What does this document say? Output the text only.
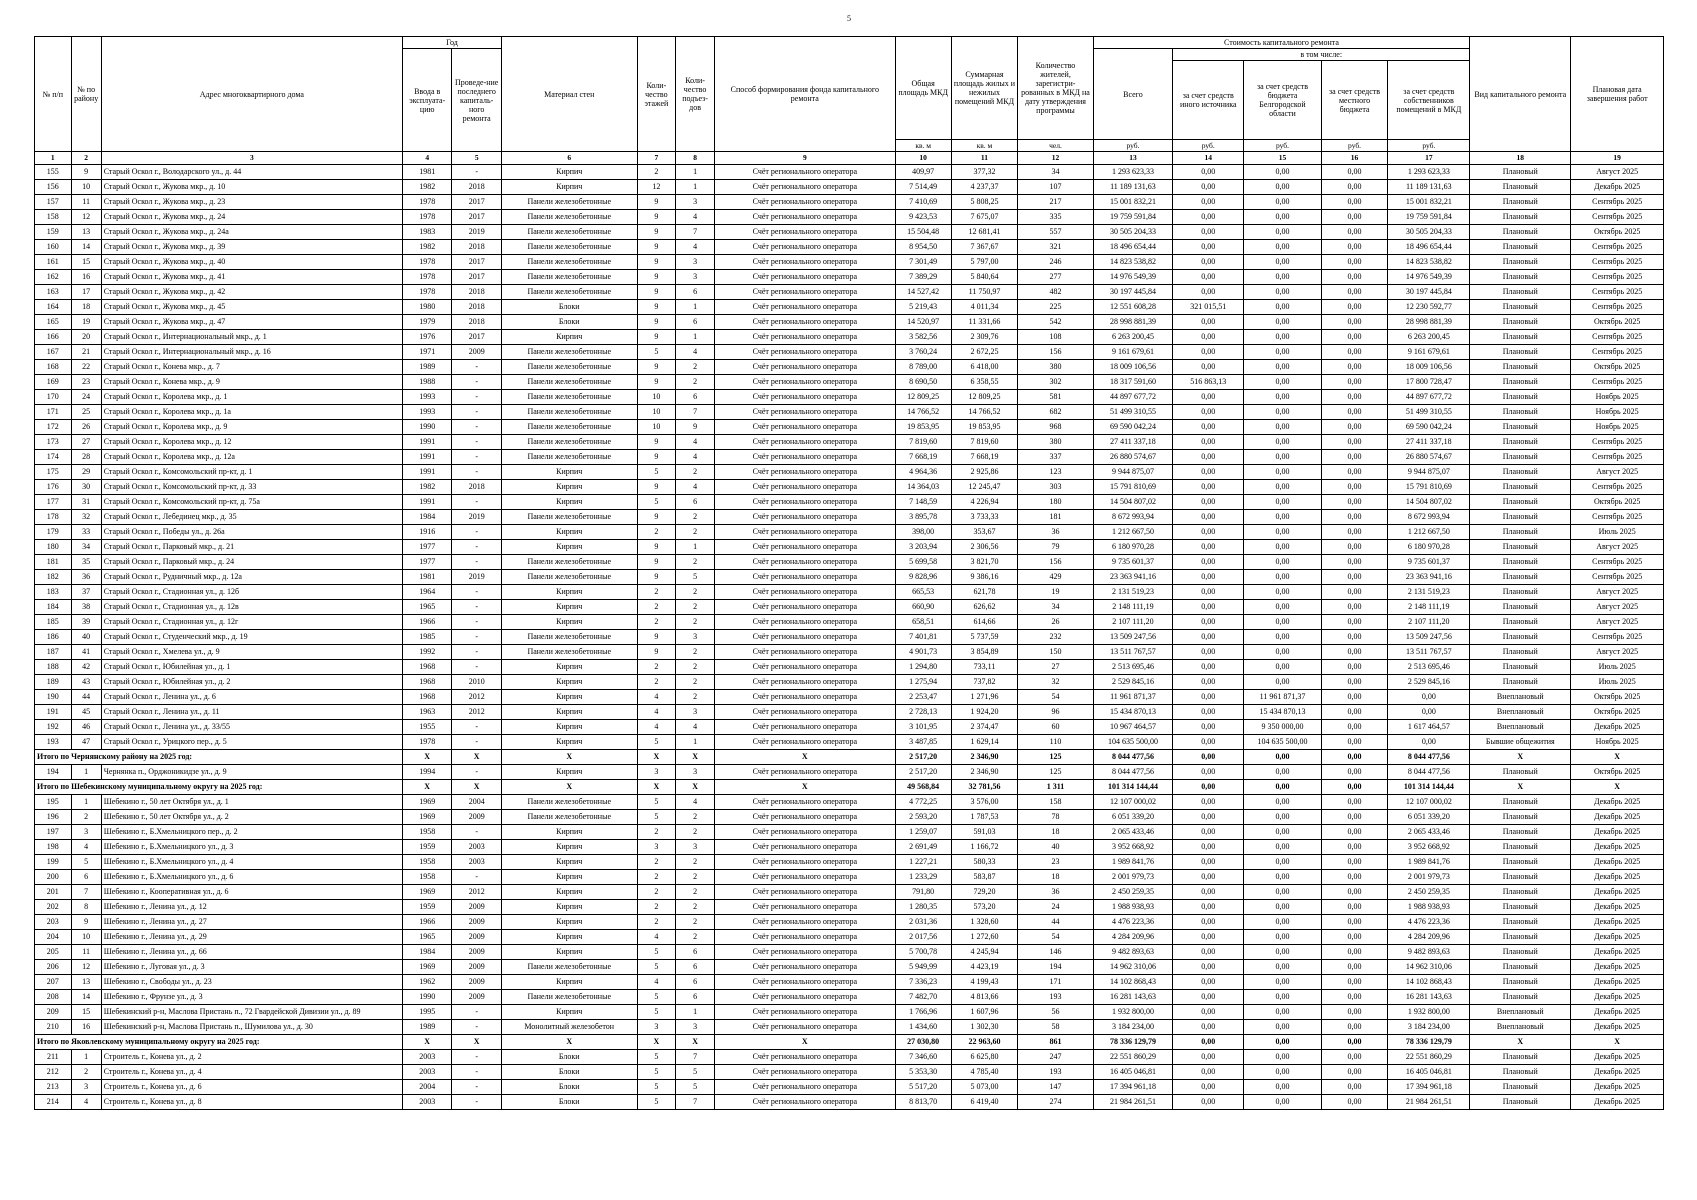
5
№ п/п	№ по району	Адрес многоквартирного дома	Год		Материал стен	Коли-чество этажей	Коли-чество подъез-дов	Способ формирования фонда капитального ремонта	Общая площадь МКД	Суммарная площадь жилых и нежилых помещений МКД	Количество жителей, зарегистри-рованных в МКД на дату утверждения программы	Стоимость капитального ремонта					Вид капитального ремонта	Плановая дата завершения работ
			Ввода в эксплуата-цию	Проведе-ние последнего капиталь-ного ремонта								Всего	в том числе:					
													за счет средств иного источника	за счет средств бюджета Белгородской области	за счет средств местного бюджета	за счет средств собственников помещений в МКД		
									кв. м	кв. м	чел.	руб.	руб.	руб.	руб.	руб.		
1	2	3	4	5	6	7	8	9	10	11	12	13	14	15	16	17	18	19
155	9	Старый Оскол г., Володарского ул., д. 44	1981	-	Кирпич	2	1	Счёт регионального оператора	409,97	377,32	34	1 293 623,33	0,00	0,00	0,00	1 293 623,33	Плановый	Август 2025
156	10	Старый Оскол г., Жукова мкр., д. 10	1982	2018	Кирпич	12	1	Счёт регионального оператора	7 514,49	4 237,37	107	11 189 131,63	0,00	0,00	0,00	11 189 131,63	Плановый	Декабрь 2025
157	11	Старый Оскол г., Жукова мкр., д. 23	1978	2017	Панели железобетонные	9	3	Счёт регионального оператора	7 410,69	5 808,25	217	15 001 832,21	0,00	0,00	0,00	15 001 832,21	Плановый	Сентябрь 2025
158	12	Старый Оскол г., Жукова мкр., д. 24	1978	2017	Панели железобетонные	9	4	Счёт регионального оператора	9 423,53	7 675,07	335	19 759 591,84	0,00	0,00	0,00	19 759 591,84	Плановый	Сентябрь 2025
159	13	Старый Оскол г., Жукова мкр., д. 24а	1983	2019	Панели железобетонные	9	7	Счёт регионального оператора	15 504,48	12 681,41	557	30 505 204,33	0,00	0,00	0,00	30 505 204,33	Плановый	Октябрь 2025
160	14	Старый Оскол г., Жукова мкр., д. 39	1982	2018	Панели железобетонные	9	4	Счёт регионального оператора	8 954,50	7 367,67	321	18 496 654,44	0,00	0,00	0,00	18 496 654,44	Плановый	Сентябрь 2025
161	15	Старый Оскол г., Жукова мкр., д. 40	1978	2017	Панели железобетонные	9	3	Счёт регионального оператора	7 301,49	5 797,00	246	14 823 538,82	0,00	0,00	0,00	14 823 538,82	Плановый	Сентябрь 2025
162	16	Старый Оскол г., Жукова мкр., д. 41	1978	2017	Панели железобетонные	9	3	Счёт регионального оператора	7 389,29	5 840,64	277	14 976 549,39	0,00	0,00	0,00	14 976 549,39	Плановый	Сентябрь 2025
163	17	Старый Оскол г., Жукова мкр., д. 42	1978	2018	Панели железобетонные	9	6	Счёт регионального оператора	14 527,42	11 750,97	482	30 197 445,84	0,00	0,00	0,00	30 197 445,84	Плановый	Сентябрь 2025
164	18	Старый Оскол г., Жукова мкр., д. 45	1980	2018	Блоки	9	1	Счёт регионального оператора	5 219,43	4 011,34	225	12 551 608,28	321 015,51	0,00	0,00	12 230 592,77	Плановый	Сентябрь 2025
165	19	Старый Оскол г., Жукова мкр., д. 47	1979	2018	Блоки	9	6	Счёт регионального оператора	14 520,97	11 331,66	542	28 998 881,39	0,00	0,00	0,00	28 998 881,39	Плановый	Октябрь 2025
166	20	Старый Оскол г., Интернациональный мкр., д. 1	1976	2017	Кирпич	9	1	Счёт регионального оператора	3 582,56	2 309,76	108	6 263 200,45	0,00	0,00	0,00	6 263 200,45	Плановый	Сентябрь 2025
167	21	Старый Оскол г., Интернациональный мкр., д. 16	1971	2009	Панели железобетонные	5	4	Счёт регионального оператора	3 760,24	2 672,25	156	9 161 679,61	0,00	0,00	0,00	9 161 679,61	Плановый	Сентябрь 2025
168	22	Старый Оскол г., Конева мкр., д. 7	1989	-	Панели железобетонные	9	2	Счёт регионального оператора	8 789,00	6 418,00	380	18 009 106,56	0,00	0,00	0,00	18 009 106,56	Плановый	Октябрь 2025
169	23	Старый Оскол г., Конева мкр., д. 9	1988	-	Панели железобетонные	9	2	Счёт регионального оператора	8 690,50	6 358,55	302	18 317 591,60	516 863,13	0,00	0,00	17 800 728,47	Плановый	Сентябрь 2025
170	24	Старый Оскол г., Королева мкр., д. 1	1993	-	Панели железобетонные	10	6	Счёт регионального оператора	12 809,25	12 809,25	581	44 897 677,72	0,00	0,00	0,00	44 897 677,72	Плановый	Ноябрь 2025
171	25	Старый Оскол г., Королева мкр., д. 1а	1993	-	Панели железобетонные	10	7	Счёт регионального оператора	14 766,52	14 766,52	682	51 499 310,55	0,00	0,00	0,00	51 499 310,55	Плановый	Ноябрь 2025
172	26	Старый Оскол г., Королева мкр., д. 9	1990	-	Панели железобетонные	10	9	Счёт регионального оператора	19 853,95	19 853,95	968	69 590 042,24	0,00	0,00	0,00	69 590 042,24	Плановый	Ноябрь 2025
173	27	Старый Оскол г., Королева мкр., д. 12	1991	-	Панели железобетонные	9	4	Счёт регионального оператора	7 819,60	7 819,60	380	27 411 337,18	0,00	0,00	0,00	27 411 337,18	Плановый	Сентябрь 2025
174	28	Старый Оскол г., Королева мкр., д. 12а	1991	-	Панели железобетонные	9	4	Счёт регионального оператора	7 668,19	7 668,19	337	26 880 574,67	0,00	0,00	0,00	26 880 574,67	Плановый	Сентябрь 2025
175	29	Старый Оскол г., Комсомольский пр-кт, д. 1	1991	-	Кирпич	5	2	Счёт регионального оператора	4 964,36	2 925,86	123	9 944 875,07	0,00	0,00	0,00	9 944 875,07	Плановый	Август 2025
176	30	Старый Оскол г., Комсомольский пр-кт, д. 33	1982	2018	Кирпич	9	4	Счёт регионального оператора	14 364,03	12 245,47	303	15 791 810,69	0,00	0,00	0,00	15 791 810,69	Плановый	Сентябрь 2025
177	31	Старый Оскол г., Комсомольский пр-кт, д. 75а	1991	-	Кирпич	5	6	Счёт регионального оператора	7 148,59	4 226,94	180	14 504 807,02	0,00	0,00	0,00	14 504 807,02	Плановый	Октябрь 2025
178	32	Старый Оскол г., Лебединец мкр., д. 35	1984	2019	Панели железобетонные	9	2	Счёт регионального оператора	3 895,78	3 733,33	181	8 672 993,94	0,00	0,00	0,00	8 672 993,94	Плановый	Сентябрь 2025
179	33	Старый Оскол г., Победы ул., д. 26а	1916	-	Кирпич	2	2	Счёт регионального оператора	398,00	353,67	36	1 212 667,50	0,00	0,00	0,00	1 212 667,50	Плановый	Июль 2025
180	34	Старый Оскол г., Парковый мкр., д. 21	1977	-	Кирпич	9	1	Счёт регионального оператора	3 203,94	2 306,56	79	6 180 970,28	0,00	0,00	0,00	6 180 970,28	Плановый	Август 2025
181	35	Старый Оскол г., Парковый мкр., д. 24	1977	-	Панели железобетонные	9	2	Счёт регионального оператора	5 699,58	3 821,70	156	9 735 601,37	0,00	0,00	0,00	9 735 601,37	Плановый	Сентябрь 2025
182	36	Старый Оскол г., Рудничный мкр., д. 12а	1981	2019	Панели железобетонные	9	5	Счёт регионального оператора	9 828,96	9 386,16	429	23 363 941,16	0,00	0,00	0,00	23 363 941,16	Плановый	Сентябрь 2025
183	37	Старый Оскол г., Стадионная ул., д. 12б	1964	-	Кирпич	2	2	Счёт регионального оператора	665,53	621,78	19	2 131 519,23	0,00	0,00	0,00	2 131 519,23	Плановый	Август 2025
184	38	Старый Оскол г., Стадионная ул., д. 12в	1965	-	Кирпич	2	2	Счёт регионального оператора	660,90	626,62	34	2 148 111,19	0,00	0,00	0,00	2 148 111,19	Плановый	Август 2025
185	39	Старый Оскол г., Стадионная ул., д. 12г	1966	-	Кирпич	2	2	Счёт регионального оператора	658,51	614,66	26	2 107 111,20	0,00	0,00	0,00	2 107 111,20	Плановый	Август 2025
186	40	Старый Оскол г., Студенческий мкр., д. 19	1985	-	Панели железобетонные	9	3	Счёт регионального оператора	7 401,81	5 737,59	232	13 509 247,56	0,00	0,00	0,00	13 509 247,56	Плановый	Сентябрь 2025
187	41	Старый Оскол г., Хмелева ул., д. 9	1992	-	Панели железобетонные	9	2	Счёт регионального оператора	4 901,73	3 854,89	150	13 511 767,57	0,00	0,00	0,00	13 511 767,57	Плановый	Август 2025
188	42	Старый Оскол г., Юбилейная ул., д. 1	1968	-	Кирпич	2	2	Счёт регионального оператора	1 294,80	733,11	27	2 513 695,46	0,00	0,00	0,00	2 513 695,46	Плановый	Июль 2025
189	43	Старый Оскол г., Юбилейная ул., д. 2	1968	2010	Кирпич	2	2	Счёт регионального оператора	1 275,94	737,82	32	2 529 845,16	0,00	0,00	0,00	2 529 845,16	Плановый	Июль 2025
190	44	Старый Оскол г., Ленина ул., д. 6	1968	2012	Кирпич	4	2	Счёт регионального оператора	2 253,47	1 271,96	54	11 961 871,37	0,00	11 961 871,37	0,00	0,00	Внеплановый	Октябрь 2025
191	45	Старый Оскол г., Ленина ул., д. 11	1963	2012	Кирпич	4	3	Счёт регионального оператора	2 728,13	1 924,20	96	15 434 870,13	0,00	15 434 870,13	0,00	0,00	Внеплановый	Октябрь 2025
192	46	Старый Оскол г., Ленина ул., д. 33/55	1955	-	Кирпич	4	4	Счёт регионального оператора	3 101,95	2 374,47	60	10 967 464,57	0,00	9 350 000,00	0,00	1 617 464,57	Внеплановый	Декабрь 2025
193	47	Старый Оскол г., Урицкого пер., д. 5	1978	-	Кирпич	5	1	Счёт регионального оператора	3 487,85	1 629,14	110	104 635 500,00	0,00	104 635 500,00	0,00	0,00	Бывшие общежития	Ноябрь 2025
Итого по Чернянскому району на 2025 год:			X	X	X	X	X	X	2 517,20	2 346,90	125	8 044 477,56	0,00	0,00	0,00	8 044 477,56	X	X
194	1	Чернянка п., Орджоникидзе ул., д. 9	1994	-	Кирпич	3	3	Счёт регионального оператора	2 517,20	2 346,90	125	8 044 477,56	0,00	0,00	0,00	8 044 477,56	Плановый	Октябрь 2025
Итого по Шебекинскому муниципальному округу на 2025 год:			X	X	X	X	X	X	49 568,84	32 781,56	1 311	101 314 144,44	0,00	0,00	0,00	101 314 144,44	X	X
195	1	Шебекино г., 50 лет Октября ул., д. 1	1969	2004	Панели железобетонные	5	4	Счёт регионального оператора	4 772,25	3 576,00	158	12 107 000,02	0,00	0,00	0,00	12 107 000,02	Плановый	Декабрь 2025
196	2	Шебекино г., 50 лет Октября ул., д. 2	1969	2009	Панели железобетонные	5	2	Счёт регионального оператора	2 593,20	1 787,53	78	6 051 339,20	0,00	0,00	0,00	6 051 339,20	Плановый	Декабрь 2025
197	3	Шебекино г., Б.Хмельницкого пер., д. 2	1958	-	Кирпич	2	2	Счёт регионального оператора	1 259,07	591,03	18	2 065 433,46	0,00	0,00	0,00	2 065 433,46	Плановый	Декабрь 2025
198	4	Шебекино г., Б.Хмельницкого ул., д. 3	1959	2003	Кирпич	3	3	Счёт регионального оператора	2 691,49	1 166,72	40	3 952 668,92	0,00	0,00	0,00	3 952 668,92	Плановый	Декабрь 2025
199	5	Шебекино г., Б.Хмельницкого ул., д. 4	1958	2003	Кирпич	2	2	Счёт регионального оператора	1 227,21	580,33	23	1 989 841,76	0,00	0,00	0,00	1 989 841,76	Плановый	Декабрь 2025
200	6	Шебекино г., Б.Хмельницкого ул., д. 6	1958	-	Кирпич	2	2	Счёт регионального оператора	1 233,29	583,87	18	2 001 979,73	0,00	0,00	0,00	2 001 979,73	Плановый	Декабрь 2025
201	7	Шебекино г., Кооперативная ул., д. 6	1969	2012	Кирпич	2	2	Счёт регионального оператора	791,80	729,20	36	2 450 259,35	0,00	0,00	0,00	2 450 259,35	Плановый	Декабрь 2025
202	8	Шебекино г., Ленина ул., д. 12	1959	2009	Кирпич	2	2	Счёт регионального оператора	1 280,35	573,20	24	1 988 938,93	0,00	0,00	0,00	1 988 938,93	Плановый	Декабрь 2025
203	9	Шебекино г., Ленина ул., д. 27	1966	2009	Кирпич	2	2	Счёт регионального оператора	2 031,36	1 328,60	44	4 476 223,36	0,00	0,00	0,00	4 476 223,36	Плановый	Декабрь 2025
204	10	Шебекино г., Ленина ул., д. 29	1965	2009	Кирпич	4	2	Счёт регионального оператора	2 017,56	1 272,60	54	4 284 209,96	0,00	0,00	0,00	4 284 209,96	Плановый	Декабрь 2025
205	11	Шебекино г., Ленина ул., д. 66	1984	2009	Кирпич	5	6	Счёт регионального оператора	5 700,78	4 245,94	146	9 482 893,63	0,00	0,00	0,00	9 482 893,63	Плановый	Декабрь 2025
206	12	Шебекино г., Луговая ул., д. 3	1969	2009	Панели железобетонные	5	6	Счёт регионального оператора	5 949,99	4 423,19	194	14 962 310,06	0,00	0,00	0,00	14 962 310,06	Плановый	Декабрь 2025
207	13	Шебекино г., Свободы ул., д. 23	1962	2009	Кирпич	4	6	Счёт регионального оператора	7 336,23	4 199,43	171	14 102 868,43	0,00	0,00	0,00	14 102 868,43	Плановый	Декабрь 2025
208	14	Шебекино г., Фрунзе ул., д. 3	1990	2009	Панели железобетонные	5	6	Счёт регионального оператора	7 482,70	4 813,66	193	16 281 143,63	0,00	0,00	0,00	16 281 143,63	Плановый	Декабрь 2025
209	15	Шебекинский р-н, Маслова Пристань п., 72 Гвардейской Дивизии ул., д. 89	1995	-	Кирпич	5	1	Счёт регионального оператора	1 766,96	1 607,96	56	1 932 800,00	0,00	0,00	0,00	1 932 800,00	Внеплановый	Декабрь 2025
210	16	Шебекинский р-н, Маслова Пристань п., Шумилова ул., д. 30	1989	-	Монолитный железобетон	3	3	Счёт регионального оператора	1 434,60	1 302,30	58	3 184 234,00	0,00	0,00	0,00	3 184 234,00	Внеплановый	Декабрь 2025
Итого по Яковлевскому муниципальному округу на 2025 год:			X	X	X	X	X	X	27 030,80	22 963,60	861	78 336 129,79	0,00	0,00	0,00	78 336 129,79	X	X
211	1	Строитель г., Конева ул., д. 2	2003	-	Блоки	5	7	Счёт регионального оператора	7 346,60	6 625,80	247	22 551 860,29	0,00	0,00	0,00	22 551 860,29	Плановый	Декабрь 2025
212	2	Строитель г., Конева ул., д. 4	2003	-	Блоки	5	5	Счёт регионального оператора	5 353,30	4 785,40	193	16 405 046,81	0,00	0,00	0,00	16 405 046,81	Плановый	Декабрь 2025
213	3	Строитель г., Конева ул., д. 6	2004	-	Блоки	5	5	Счёт регионального оператора	5 517,20	5 073,00	147	17 394 961,18	0,00	0,00	0,00	17 394 961,18	Плановый	Декабрь 2025
214	4	Строитель г., Конева ул., д. 8	2003	-	Блоки	5	7	Счёт регионального оператора	8 813,70	6 419,40	274	21 984 261,51	0,00	0,00	0,00	21 984 261,51	Плановый	Декабрь 2025
